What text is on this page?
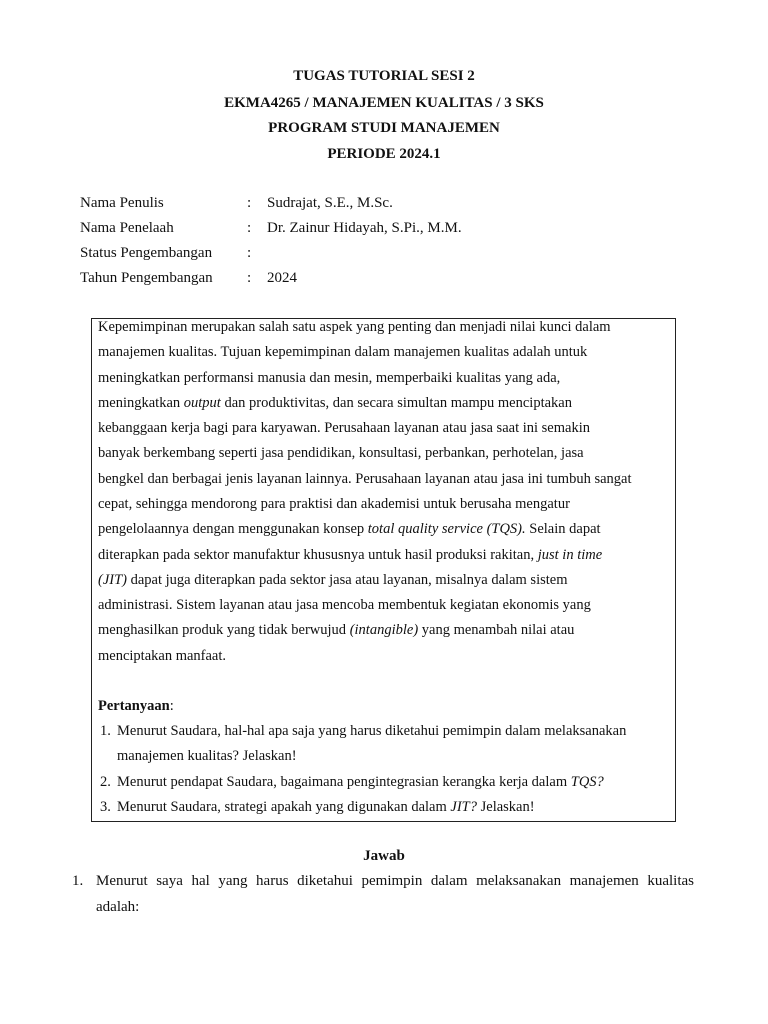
TUGAS TUTORIAL SESI 2
EKMA4265 / MANAJEMEN KUALITAS / 3 SKS
PROGRAM STUDI MANAJEMEN
PERIODE 2024.1
Nama Penulis	: Sudrajat, S.E., M.Sc.
Nama Penelaah	: Dr. Zainur Hidayah, S.Pi., M.M.
Status Pengembangan :
Tahun Pengembangan : 2024
Kepemimpinan merupakan salah satu aspek yang penting dan menjadi nilai kunci dalam
manajemen kualitas. Tujuan kepemimpinan dalam manajemen kualitas adalah untuk
meningkatkan performansi manusia dan mesin, memperbaiki kualitas yang ada,
meningkatkan output dan produktivitas, dan secara simultan mampu menciptakan
kebanggaan kerja bagi para karyawan. Perusahaan layanan atau jasa saat ini semakin
banyak berkembang seperti jasa pendidikan, konsultasi, perbankan, perhotelan, jasa
bengkel dan berbagai jenis layanan lainnya. Perusahaan layanan atau jasa ini tumbuh sangat
cepat, sehingga mendorong para praktisi dan akademisi untuk berusaha mengatur
pengelolaannya dengan menggunakan konsep total quality service (TQS). Selain dapat
diterapkan pada sektor manufaktur khususnya untuk hasil produksi rakitan, just in time
(JIT) dapat juga diterapkan pada sektor jasa atau layanan, misalnya dalam sistem
administrasi. Sistem layanan atau jasa mencoba membentuk kegiatan ekonomis yang
menghasilkan produk yang tidak berwujud (intangible) yang menambah nilai atau
menciptakan manfaat.
Pertanyaan:
1. Menurut Saudara, hal-hal apa saja yang harus diketahui pemimpin dalam melaksanakan
manajemen kualitas? Jelaskan!
2. Menurut pendapat Saudara, bagaimana pengintegrasian kerangka kerja dalam TQS?
3. Menurut Saudara, strategi apakah yang digunakan dalam JIT? Jelaskan!
Jawab
1. Menurut saya hal yang harus diketahui pemimpin dalam melaksanakan manajemen kualitas
adalah:
